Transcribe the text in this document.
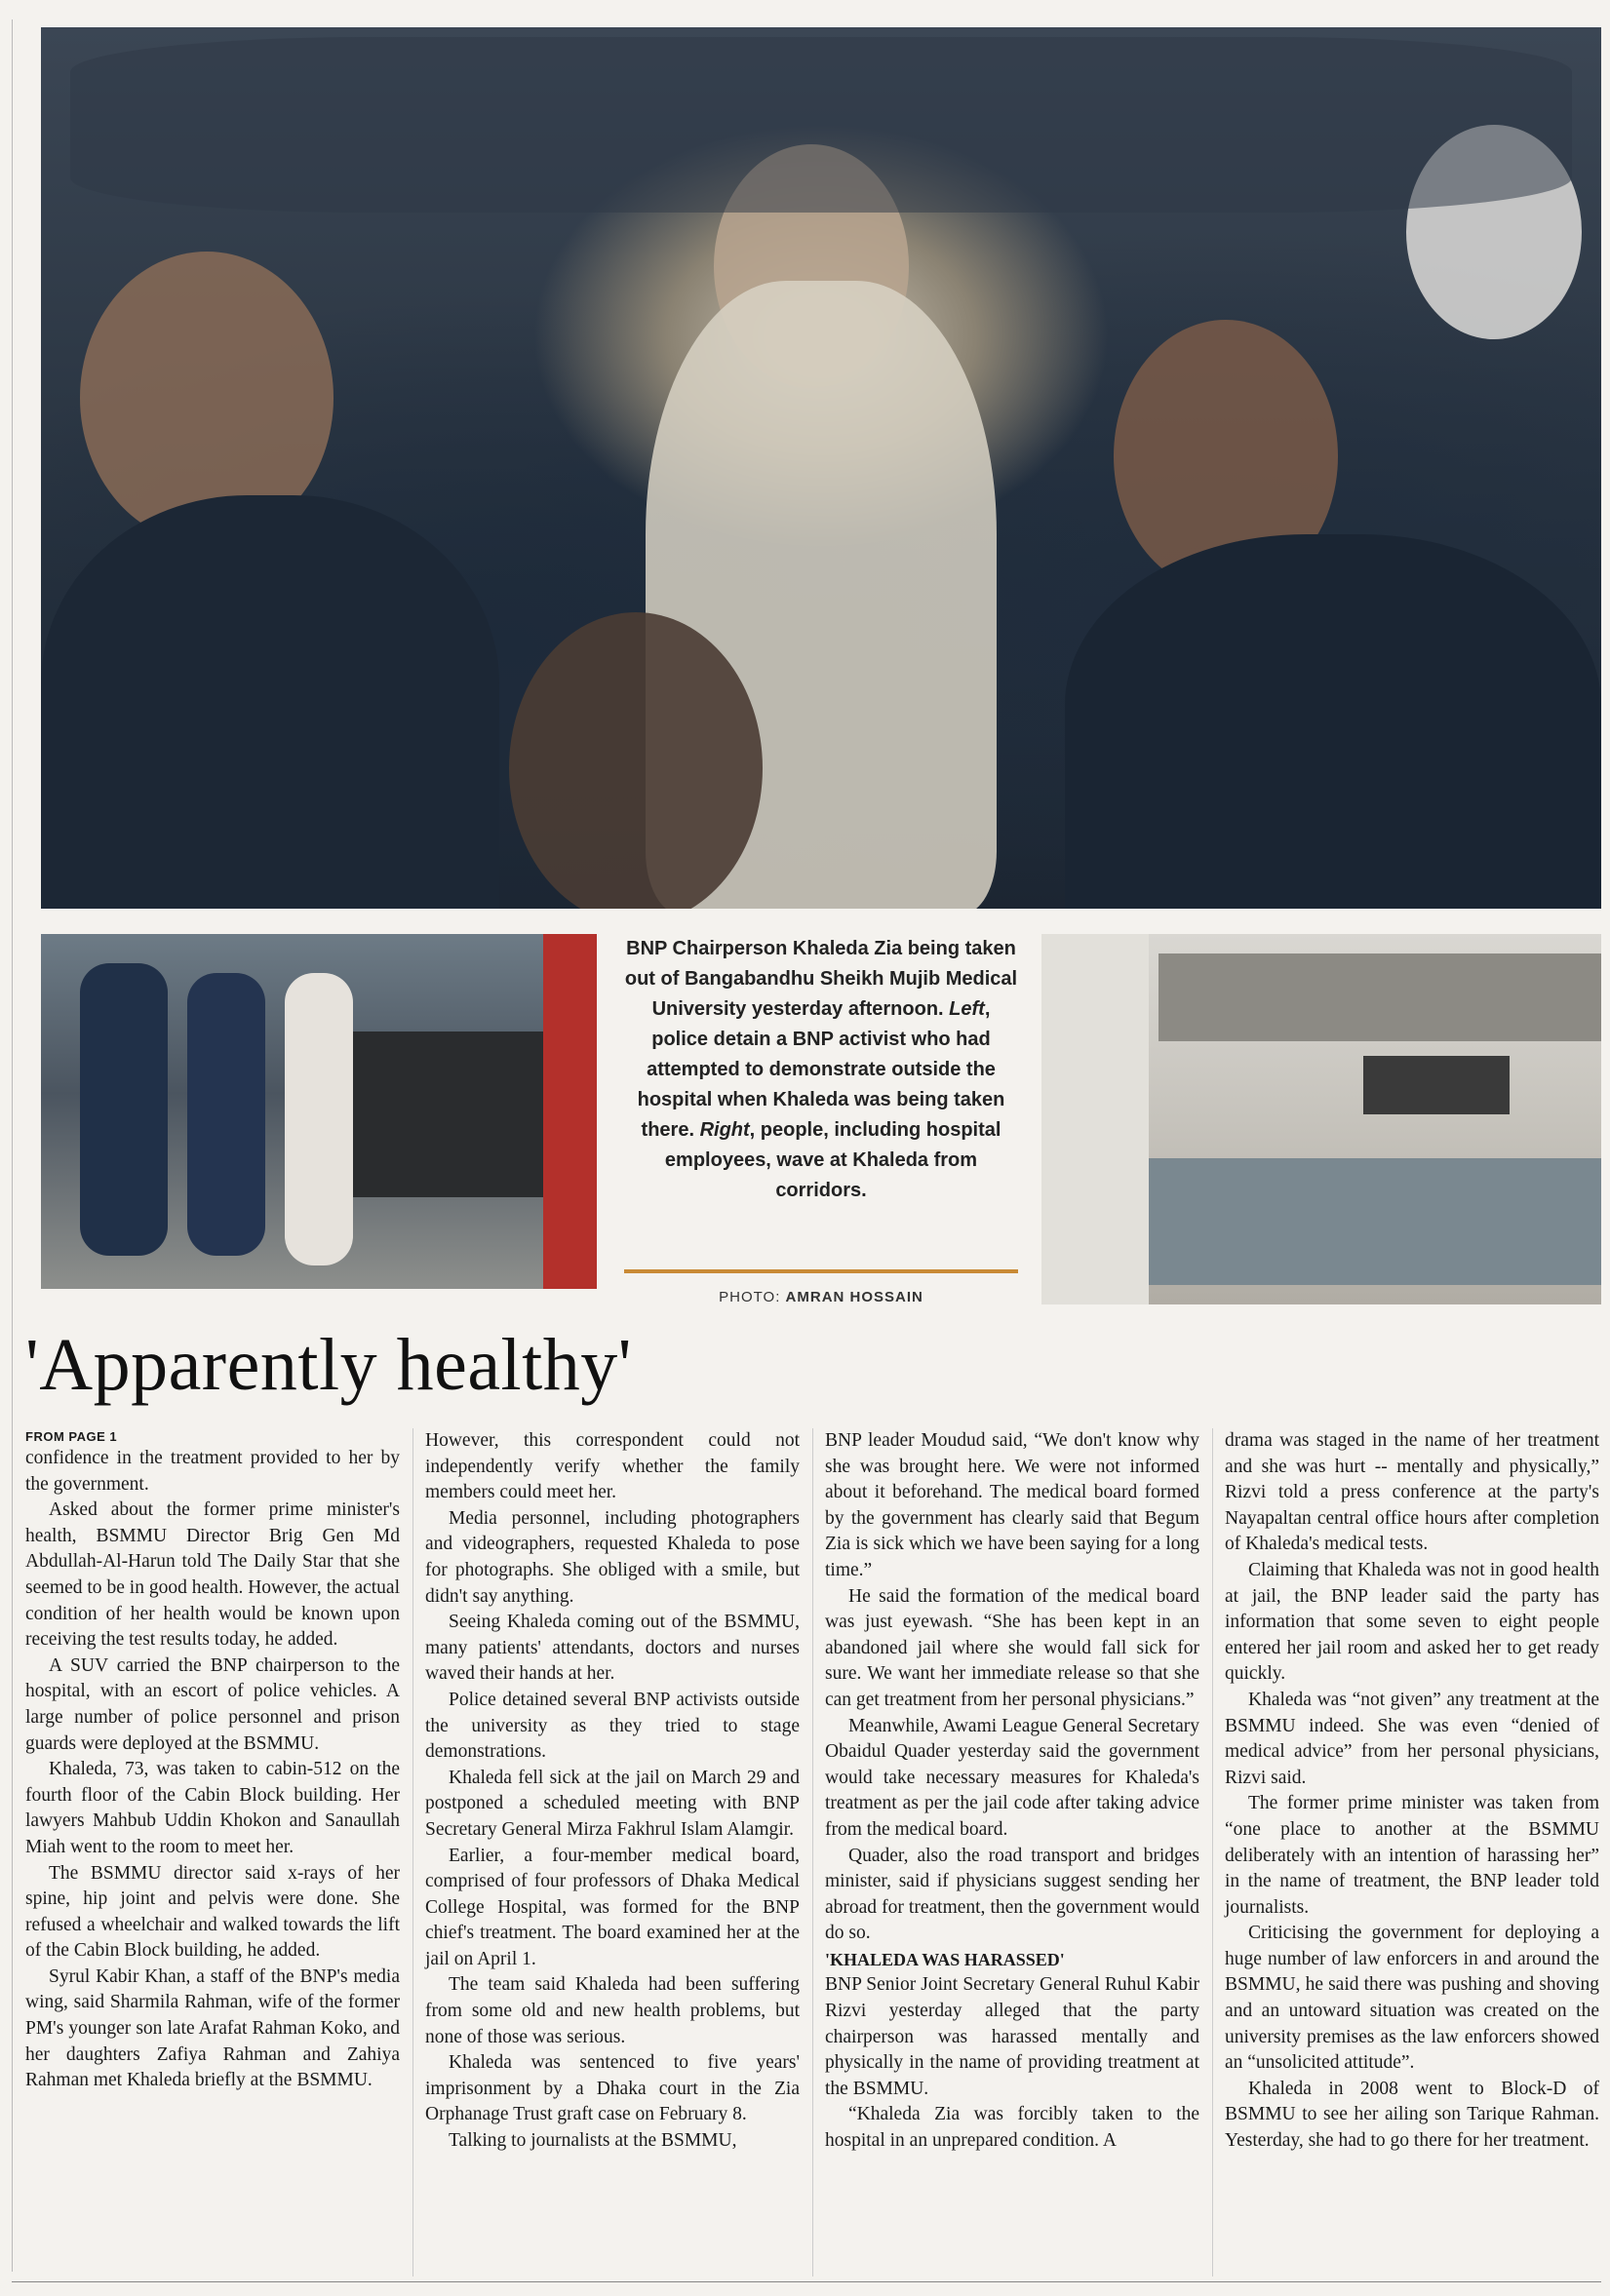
BNP Chairperson Khaleda Zia being taken out of Bangabandhu Sheikh Mujib Medical University yesterday afternoon. Left, police detain a BNP activist who had attempted to demonstrate outside the hospital when Khaleda was being taken there. Right, people, including hospital employees, wave at Khaleda from corridors.
PHOTO: AMRAN HOSSAIN
'Apparently healthy'

FROM PAGE 1

confidence in the treatment provided to her by the government.

Asked about the former prime minister's health, BSMMU Director Brig Gen Md Abdullah-Al-Harun told The Daily Star that she seemed to be in good health. However, the actual condition of her health would be known upon receiving the test results today, he added.

A SUV carried the BNP chairperson to the hospital, with an escort of police vehicles. A large number of police personnel and prison guards were deployed at the BSMMU.

Khaleda, 73, was taken to cabin-512 on the fourth floor of the Cabin Block building. Her lawyers Mahbub Uddin Khokon and Sanaullah Miah went to the room to meet her.

The BSMMU director said x-rays of her spine, hip joint and pelvis were done. She refused a wheelchair and walked towards the lift of the Cabin Block building, he added.

Syrul Kabir Khan, a staff of the BNP's media wing, said Sharmila Rahman, wife of the former PM's younger son late Arafat Rahman Koko, and her daughters Zafiya Rahman and Zahiya Rahman met Khaleda briefly at the BSMMU.

However, this correspondent could not independently verify whether the family members could meet her.

Media personnel, including photographers and videographers, requested Khaleda to pose for photographs. She obliged with a smile, but didn't say anything.

Seeing Khaleda coming out of the BSMMU, many patients' attendants, doctors and nurses waved their hands at her.

Police detained several BNP activists outside the university as they tried to stage demonstrations.

Khaleda fell sick at the jail on March 29 and postponed a scheduled meeting with BNP Secretary General Mirza Fakhrul Islam Alamgir.

Earlier, a four-member medical board, comprised of four professors of Dhaka Medical College Hospital, was formed for the BNP chief's treatment. The board examined her at the jail on April 1.

The team said Khaleda had been suffering from some old and new health problems, but none of those was serious.

Khaleda was sentenced to five years' imprisonment by a Dhaka court in the Zia Orphanage Trust graft case on February 8.

Talking to journalists at the BSMMU,

BNP leader Moudud said, “We don't know why she was brought here. We were not informed about it beforehand. The medical board formed by the government has clearly said that Begum Zia is sick which we have been saying for a long time.”

He said the formation of the medical board was just eyewash. “She has been kept in an abandoned jail where she would fall sick for sure. We want her immediate release so that she can get treatment from her personal physicians.”

Meanwhile, Awami League General Secretary Obaidul Quader yesterday said the government would take necessary measures for Khaleda's treatment as per the jail code after taking advice from the medical board.

Quader, also the road transport and bridges minister, said if physicians suggest sending her abroad for treatment, then the government would do so.

'KHALEDA WAS HARASSED'

BNP Senior Joint Secretary General Ruhul Kabir Rizvi yesterday alleged that the party chairperson was harassed mentally and physically in the name of providing treatment at the BSMMU.

“Khaleda Zia was forcibly taken to the hospital in an unprepared condition. A

drama was staged in the name of her treatment and she was hurt -- mentally and physically,” Rizvi told a press conference at the party's Nayapaltan central office hours after completion of Khaleda's medical tests.

Claiming that Khaleda was not in good health at jail, the BNP leader said the party has information that some seven to eight people entered her jail room and asked her to get ready quickly.

Khaleda was “not given” any treatment at the BSMMU indeed. She was even “denied of medical advice” from her personal physicians, Rizvi said.

The former prime minister was taken from “one place to another at the BSMMU deliberately with an intention of harassing her” in the name of treatment, the BNP leader told journalists.

Criticising the government for deploying a huge number of law enforcers in and around the BSMMU, he said there was pushing and shoving and an untoward situation was created on the university premises as the law enforcers showed an “unsolicited attitude”.

Khaleda in 2008 went to Block-D of BSMMU to see her ailing son Tarique Rahman. Yesterday, she had to go there for her treatment.
